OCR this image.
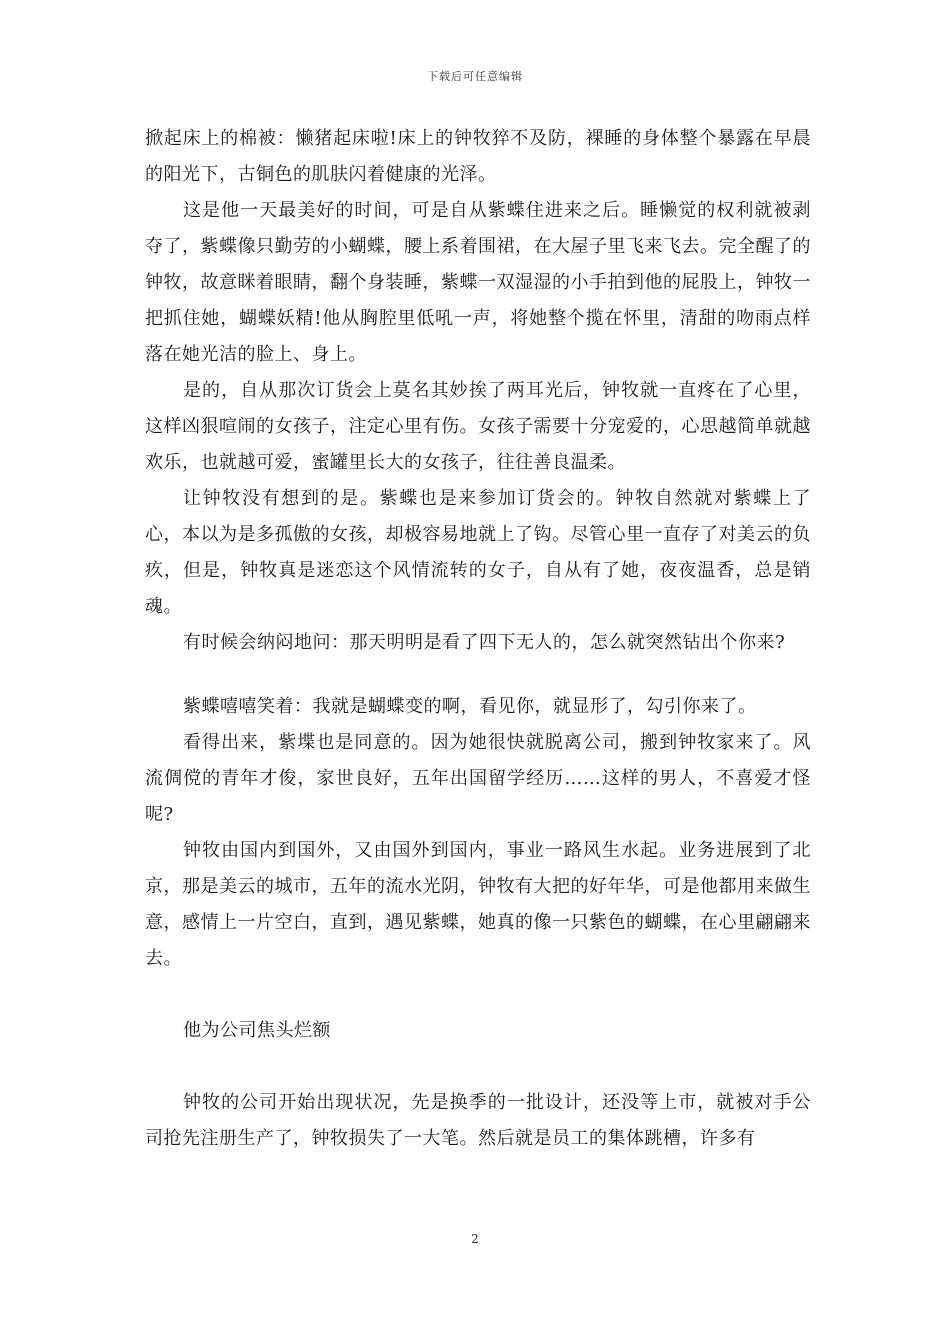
下载后可任意编辑

掀起床上的棉被：懒猪起床啦!床上的钟牧猝不及防，裸睡的身体整个暴露在早晨的阳光下，古铜色的肌肤闪着健康的光泽。

这是他一天最美好的时间，可是自从紫蝶住进来之后。睡懒觉的权利就被剥夺了，紫蝶像只勤劳的小蝴蝶，腰上系着围裙，在大屋子里飞来飞去。完全醒了的钟牧，故意眯着眼睛，翻个身装睡，紫蝶一双湿湿的小手拍到他的屁股上，钟牧一把抓住她，蝴蝶妖精!他从胸腔里低吼一声，将她整个揽在怀里，清甜的吻雨点样落在她光洁的脸上、身上。

是的，自从那次订货会上莫名其妙挨了两耳光后，钟牧就一直疼在了心里，这样凶狠喧闹的女孩子，注定心里有伤。女孩子需要十分宠爱的，心思越简单就越欢乐，也就越可爱，蜜罐里长大的女孩子，往往善良温柔。

让钟牧没有想到的是。紫蝶也是来参加订货会的。钟牧自然就对紫蝶上了心，本以为是多孤傲的女孩，却极容易地就上了钩。尽管心里一直存了对美云的负疚，但是，钟牧真是迷恋这个风情流转的女子，自从有了她，夜夜温香，总是销魂。

有时候会纳闷地问：那天明明是看了四下无人的，怎么就突然钻出个你来?

紫蝶嘻嘻笑着：我就是蝴蝶变的啊，看见你，就显形了，勾引你来了。

看得出来，紫堞也是同意的。因为她很快就脱离公司，搬到钟牧家来了。风流倜傥的青年才俊，家世良好，五年出国留学经历……这样的男人，不喜爱才怪呢?

钟牧由国内到国外，又由国外到国内，事业一路风生水起。业务进展到了北京，那是美云的城市，五年的流水光阴，钟牧有大把的好年华，可是他都用来做生意，感情上一片空白，直到，遇见紫蝶，她真的像一只紫色的蝴蝶，在心里翩翩来去。

他为公司焦头烂额

钟牧的公司开始出现状况，先是换季的一批设计，还没等上市，就被对手公司抢先注册生产了，钟牧损失了一大笔。然后就是员工的集体跳槽，许多有

2
